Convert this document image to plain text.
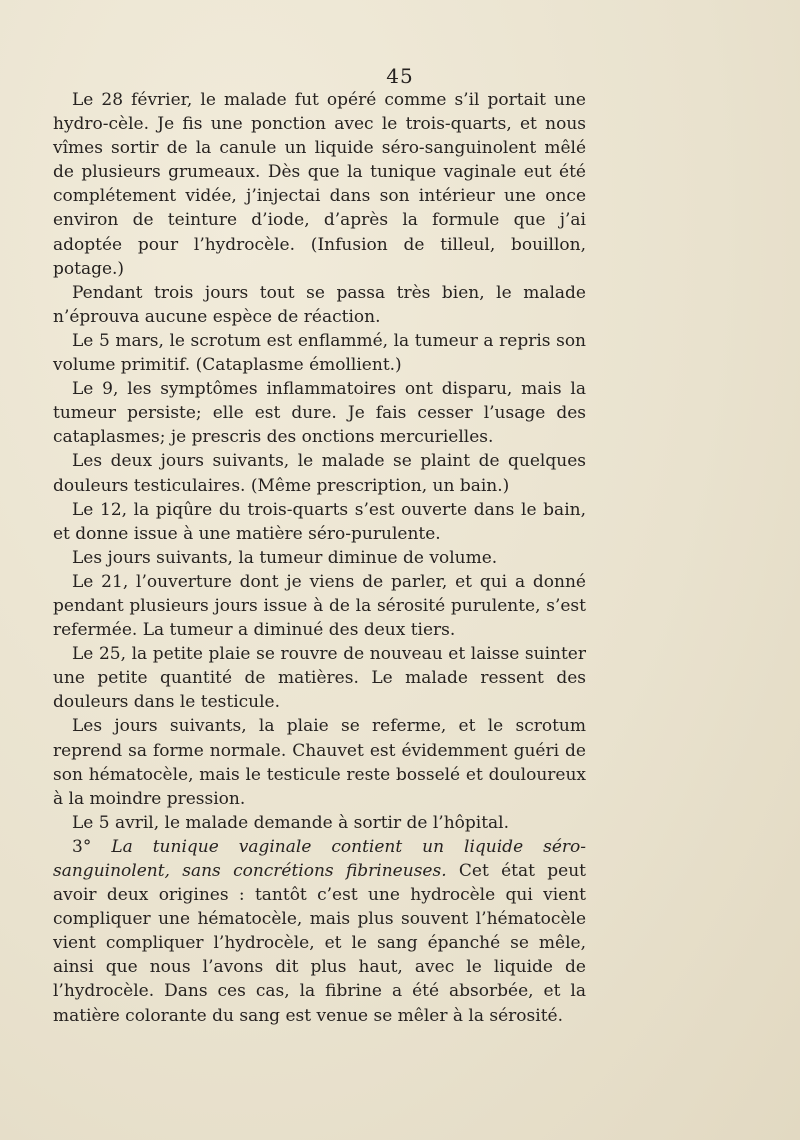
45

Le 28 février, le malade fut opéré comme s’il portait une hydro-cèle. Je fis une ponction avec le trois-quarts, et nous vîmes sortir de la canule un liquide séro-sanguinolent mêlé de plusieurs grumeaux. Dès que la tunique vaginale eut été complétement vidée, j’injectai dans son intérieur une once environ de teinture d’iode, d’après la formule que j’ai adoptée pour l’hydrocèle. (Infusion de tilleul, bouillon, potage.)

Pendant trois jours tout se passa très bien, le malade n’éprouva aucune espèce de réaction.

Le 5 mars, le scrotum est enflammé, la tumeur a repris son volume primitif. (Cataplasme émollient.)

Le 9, les symptômes inflammatoires ont disparu, mais la tumeur persiste; elle est dure. Je fais cesser l’usage des cataplasmes; je prescris des onctions mercurielles.

Les deux jours suivants, le malade se plaint de quelques douleurs testiculaires. (Même prescription, un bain.)

Le 12, la piqûre du trois-quarts s’est ouverte dans le bain, et donne issue à une matière séro-purulente.

Les jours suivants, la tumeur diminue de volume.

Le 21, l’ouverture dont je viens de parler, et qui a donné pendant plusieurs jours issue à de la sérosité purulente, s’est refermée. La tumeur a diminué des deux tiers.

Le 25, la petite plaie se rouvre de nouveau et laisse suinter une petite quantité de matières. Le malade ressent des douleurs dans le testicule.

Les jours suivants, la plaie se referme, et le scrotum reprend sa forme normale. Chauvet est évidemment guéri de son hématocèle, mais le testicule reste bosselé et douloureux à la moindre pression.

Le 5 avril, le malade demande à sortir de l’hôpital.

3° La tunique vaginale contient un liquide séro-sanguinolent, sans concrétions fibrineuses. Cet état peut avoir deux origines : tantôt c’est une hydrocèle qui vient compliquer une hématocèle, mais plus souvent l’hématocèle vient compliquer l’hydrocèle, et le sang épanché se mêle, ainsi que nous l’avons dit plus haut, avec le liquide de l’hydrocèle. Dans ces cas, la fibrine a été absorbée, et la matière colorante du sang est venue se mêler à la sérosité.
